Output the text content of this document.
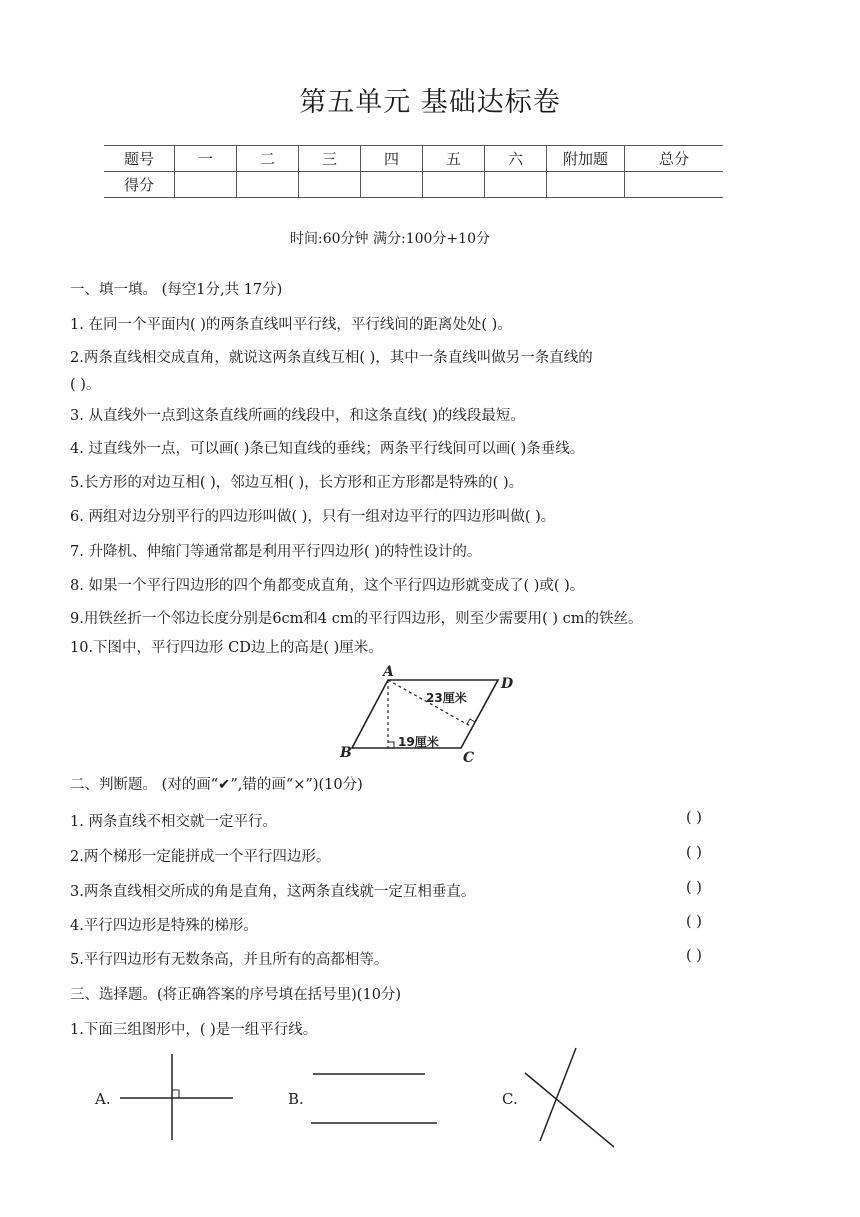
第五单元 基础达标卷
题号	一	二	三	四	五	六	附加题	总分
得分								
时间:60分钟 满分:100分+10分
一、填一填。 (每空1分,共 17分)
1. 在同一个平面内( )的两条直线叫平行线，平行线间的距离处处( )。
2.两条直线相交成直角，就说这两条直线互相( )，其中一条直线叫做另一条直线的
( )。
3. 从直线外一点到这条直线所画的线段中，和这条直线( )的线段最短。
4. 过直线外一点，可以画( )条已知直线的垂线；两条平行线间可以画( )条垂线。
5.长方形的对边互相( )，邻边互相( )，长方形和正方形都是特殊的( )。
6. 两组对边分别平行的四边形叫做( )，只有一组对边平行的四边形叫做( )。
7. 升降机、伸缩门等通常都是利用平行四边形( )的特性设计的。
8. 如果一个平行四边形的四个角都变成直角，这个平行四边形就变成了( )或( )。
9.用铁丝折一个邻边长度分别是6cm和4 cm的平行四边形，则至少需要用( ) cm的铁丝。
10.下图中，平行四边形 CD边上的高是( )厘米。
A
D
B	C
23厘米
19厘米
二、判断题。 (对的画“✔”,错的画“×”)(10分)
1. 两条直线不相交就一定平行。	( )
2.两个梯形一定能拼成一个平行四边形。	( )
3.两条直线相交所成的角是直角，这两条直线就一定互相垂直。	( )
4.平行四边形是特殊的梯形。	( )
5.平行四边形有无数条高，并且所有的高都相等。	( )
三、选择题。(将正确答案的序号填在括号里)(10分)
1.下面三组图形中，( )是一组平行线。
A.	B.	C.
